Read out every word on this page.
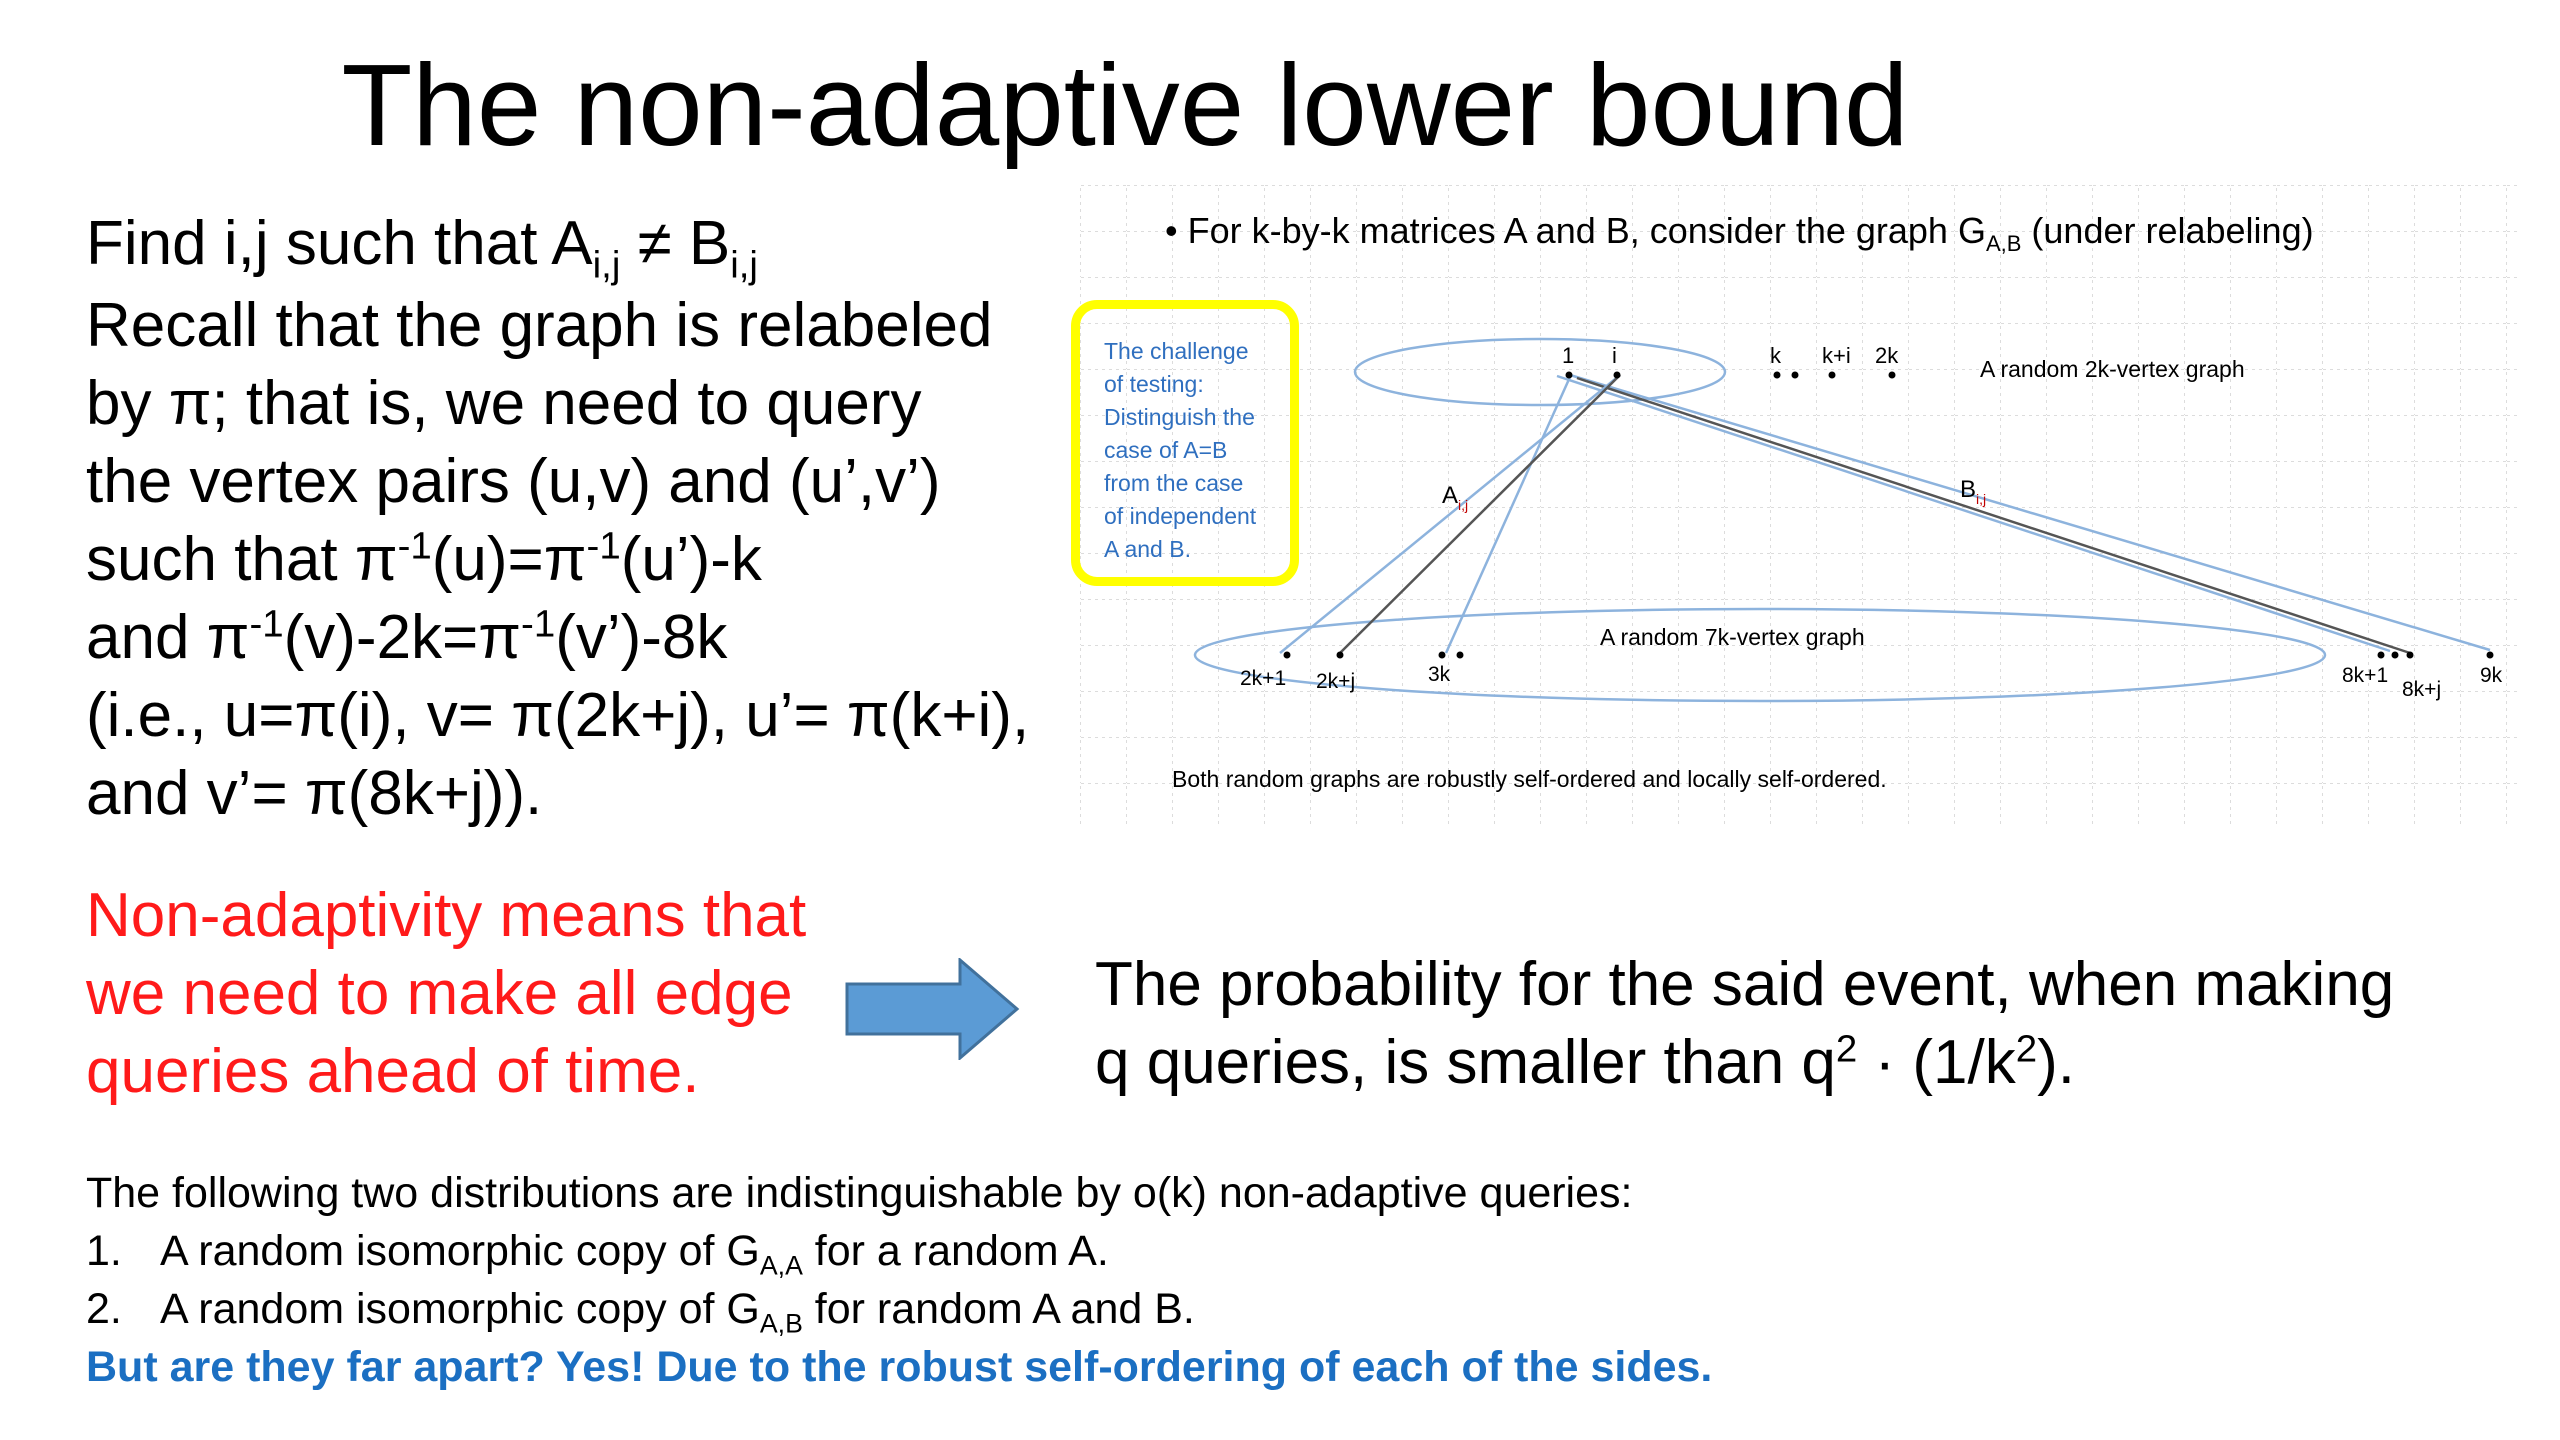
The non-adaptive lower bound
Find i,j such that $A_{i,j} \ne B_{i,j}$
Recall that the graph is relabeled
by π; that is, we need to query
the vertex pairs (u,v) and (u’,v’)
such that $\pi^{-1}(u)=\pi^{-1}(u’)-k$
and $\pi^{-1}(v)-2k=\pi^{-1}(v’)-8k$
(i.e., u=π(i), v= π(2k+j), u’= π(k+i),
and v’= π(8k+j)).
• For k-by-k matrices A and B, consider the graph $G_{A,B}$ (under relabeling)
1 i	k k+i 2k
A random 2k-vertex graph
$A_{i,j}$
$B_{i,j}$
A random 7k-vertex graph
2k+1 2k+j	3k	8k+1
8k+j
9k
Both random graphs are robustly self-ordered and locally self-ordered.
The challenge
of testing:
Distinguish the
case of A=B
from the case
of independent
A and B.
Non-adaptivity means that
we need to make all edge
queries ahead of time.
The probability for the said event, when making
q queries, is smaller than $q^2 \cdot (1/k^2)$.
The following two distributions are indistinguishable by o(k) non-adaptive queries:
1. A random isomorphic copy of $G_{A,A}$ for a random A.
2. A random isomorphic copy of $G_{A,B}$ for random A and B.
But are they far apart? Yes! Due to the robust self-ordering of each of the sides.
